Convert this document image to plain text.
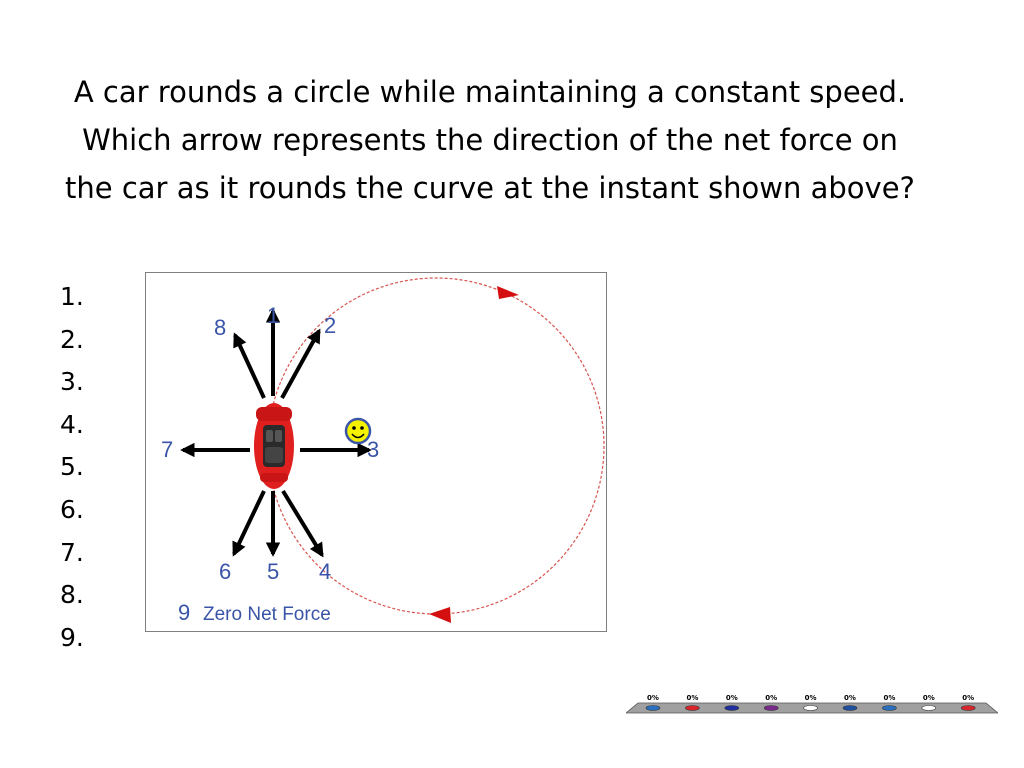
A car rounds a circle while maintaining a constant speed.
Which arrow represents the direction of the net force on
the car as it rounds the curve at the instant shown above?
1.
2.
3.
4.
5.
6.
7.
8.
9.
1 2
3
4
5
6
7
8
9 Zero Net Force
0%	0%	0%	0%	0%	0%	0%	0%	0%
